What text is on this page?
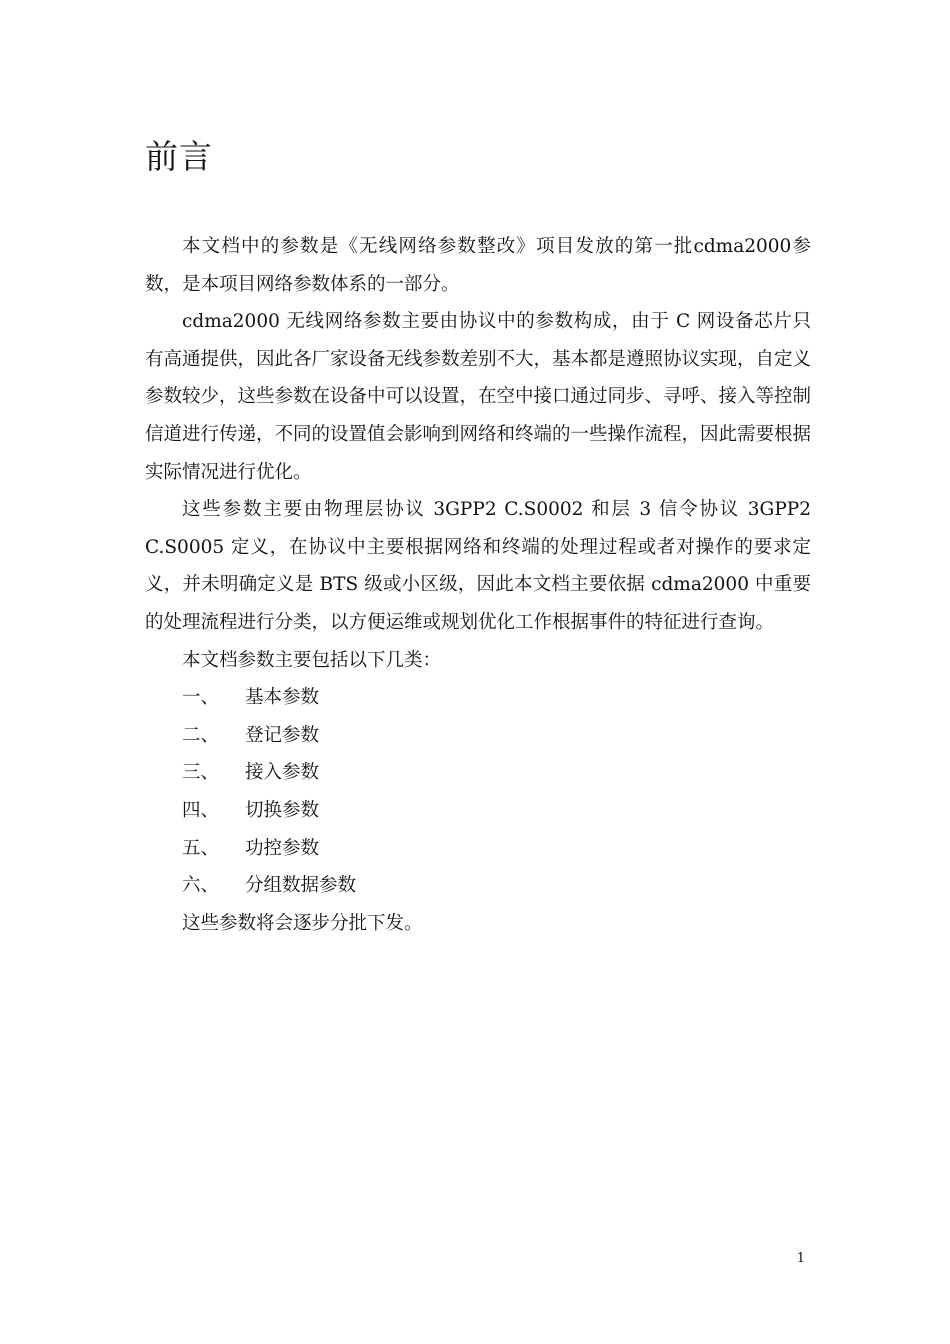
前言

本文档中的参数是《无线网络参数整改》项目发放的第一批cdma2000参数，是本项目网络参数体系的一部分。

cdma2000 无线网络参数主要由协议中的参数构成，由于 C 网设备芯片只有高通提供，因此各厂家设备无线参数差别不大，基本都是遵照协议实现，自定义参数较少，这些参数在设备中可以设置，在空中接口通过同步、寻呼、接入等控制信道进行传递，不同的设置值会影响到网络和终端的一些操作流程，因此需要根据实际情况进行优化。

这些参数主要由物理层协议 3GPP2 C.S0002 和层 3 信令协议 3GPP2 C.S0005 定义，在协议中主要根据网络和终端的处理过程或者对操作的要求定义，并未明确定义是 BTS 级或小区级，因此本文档主要依据 cdma2000 中重要的处理流程进行分类，以方便运维或规划优化工作根据事件的特征进行查询。

本文档参数主要包括以下几类：

一、	基本参数
二、	登记参数
三、	接入参数
四、	切换参数
五、	功控参数
六、	分组数据参数

这些参数将会逐步分批下发。

1
